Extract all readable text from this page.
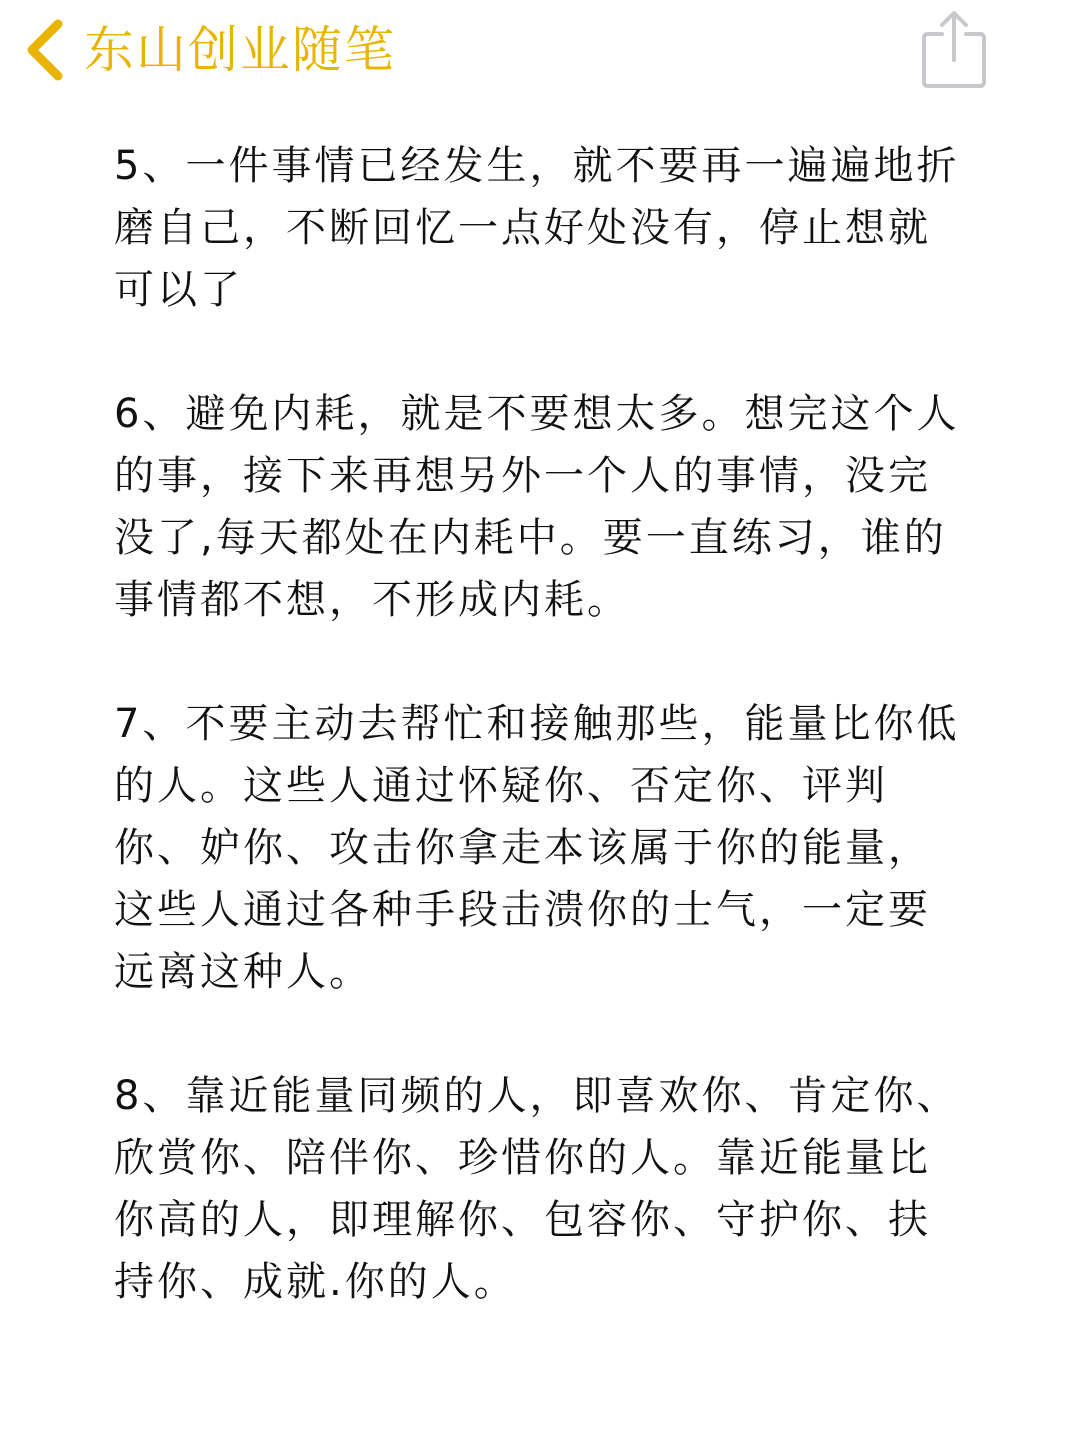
东山创业随笔

5、一件事情已经发生，就不要再一遍遍地折磨自己，不断回忆一点好处没有，停止想就可以了

6、避免内耗，就是不要想太多。想完这个人的事，接下来再想另外一个人的事情，没完没了,每天都处在内耗中。要一直练习，谁的事情都不想，不形成内耗。

7、不要主动去帮忙和接触那些，能量比你低的人。这些人通过怀疑你、否定你、评判你、妒你、攻击你拿走本该属于你的能量，这些人通过各种手段击溃你的士气，一定要远离这种人。

8、靠近能量同频的人，即喜欢你、肯定你、欣赏你、陪伴你、珍惜你的人。靠近能量比你高的人，即理解你、包容你、守护你、扶持你、成就.你的人。
